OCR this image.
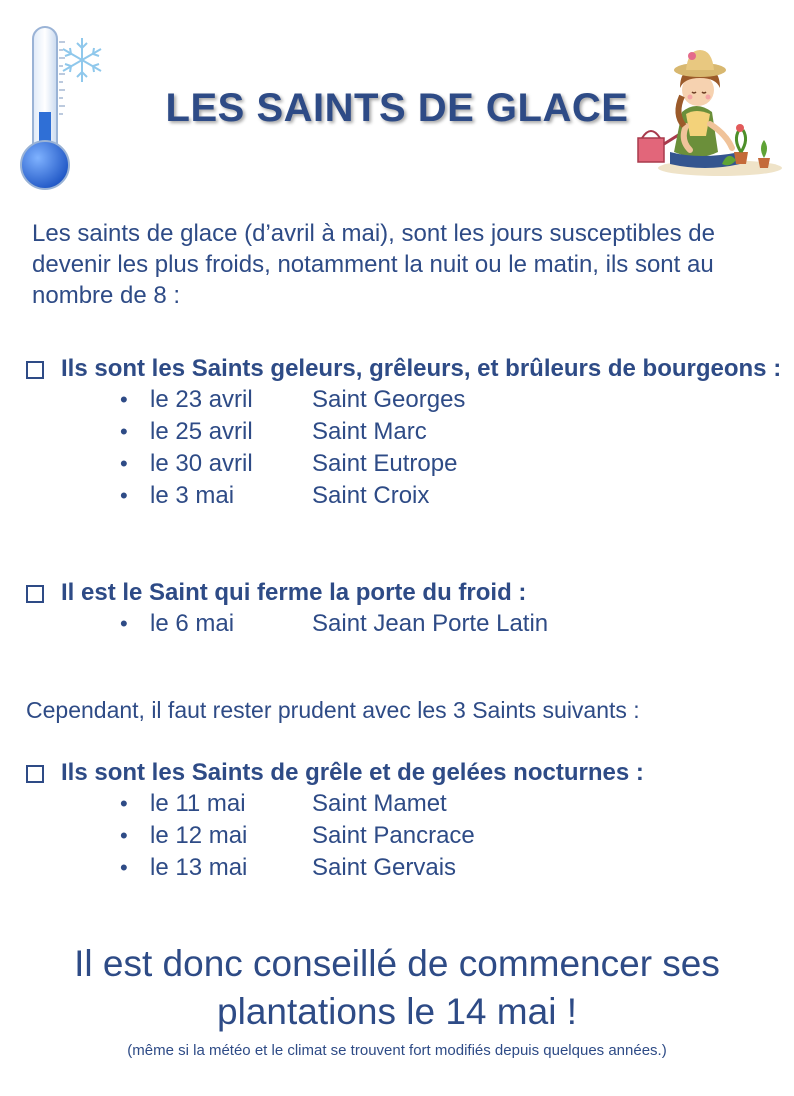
LES SAINTS DE GLACE
Les saints de glace (d’avril à mai), sont les jours susceptibles de devenir les plus froids, notamment la nuit ou le matin, ils sont au nombre de 8 :
Ils sont les Saints geleurs, grêleurs, et brûleurs de bourgeons :
• le 23 avril	Saint Georges
• le 25 avril	Saint Marc
• le 30 avril	Saint Eutrope
• le 3 mai	Saint Croix
Il est le Saint qui ferme la porte du froid :
• le 6 mai	Saint Jean Porte Latin
Cependant, il faut rester prudent avec les 3 Saints suivants :
Ils sont les Saints de grêle et de gelées nocturnes :
• le 11 mai	Saint Mamet
• le 12 mai	Saint Pancrace
• le 13 mai	Saint Gervais
Il est donc conseillé de commencer ses
plantations le 14 mai !
(même si la météo et le climat se trouvent fort modifiés depuis quelques années.)
